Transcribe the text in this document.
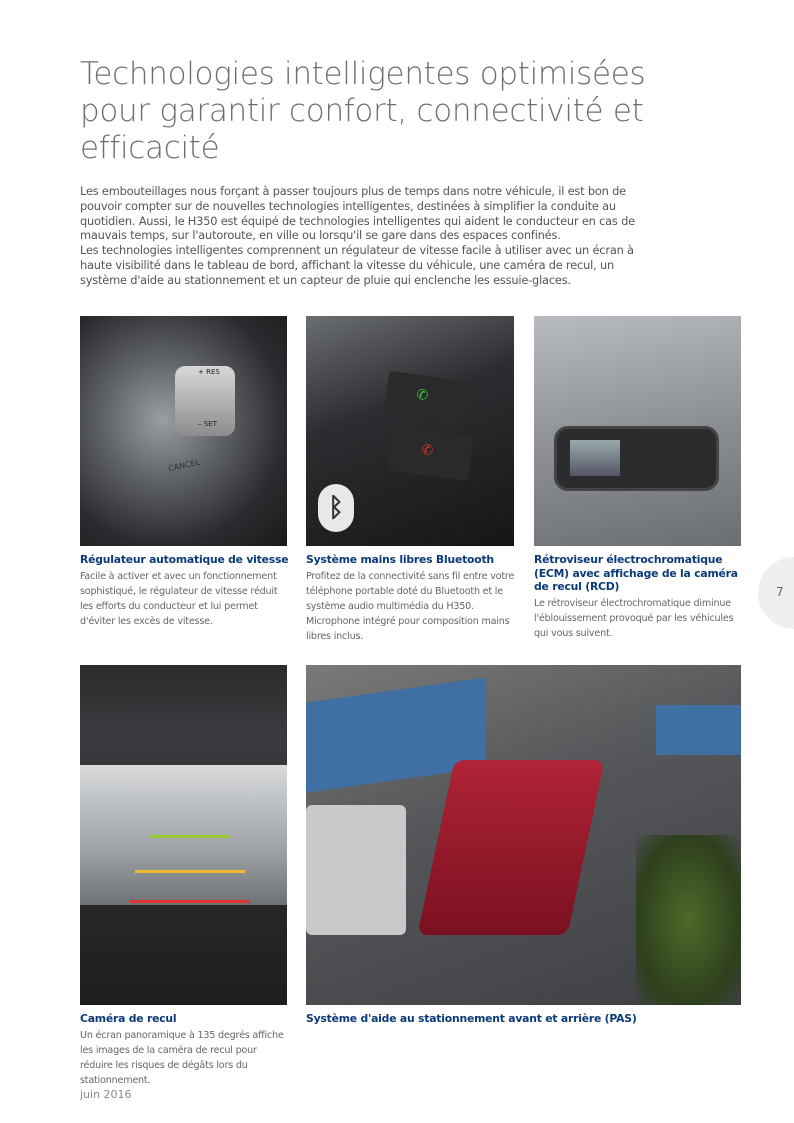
Technologies intelligentes optimisées pour garantir confort, connectivité et efficacité

Les embouteillages nous forçant à passer toujours plus de temps dans notre véhicule, il est bon de pouvoir compter sur de nouvelles technologies intelligentes, destinées à simplifier la conduite au quotidien. Aussi, le H350 est équipé de technologies intelligentes qui aident le conducteur en cas de mauvais temps, sur l'autoroute, en ville ou lorsqu'il se gare dans des espaces confinés.

Les technologies intelligentes comprennent un régulateur de vitesse facile à utiliser avec un écran à haute visibilité dans le tableau de bord, affichant la vitesse du véhicule, une caméra de recul, un système d'aide au stationnement et un capteur de pluie qui enclenche les essuie-glaces.

+ RES
– SET
CANCEL
✆
✆
ᛒ
Régulateur automatique de vitesse

Facile à activer et avec un fonctionnement sophistiqué, le régulateur de vitesse réduit les efforts du conducteur et lui permet d'éviter les excès de vitesse.

Système mains libres Bluetooth

Profitez de la connectivité sans fil entre votre téléphone portable doté du Bluetooth et le système audio multimédia du H350. Microphone intégré pour composition mains libres inclus.

Rétroviseur électrochromatique (ECM) avec affichage de la caméra de recul (RCD)

Le rétroviseur électrochromatique diminue l'éblouissement provoqué par les véhicules qui vous suivent.

7
Caméra de recul

Un écran panoramique à 135 degrés affiche les images de la caméra de recul pour réduire les risques de dégâts lors du stationnement.

Système d'aide au stationnement avant et arrière (PAS)
juin 2016
